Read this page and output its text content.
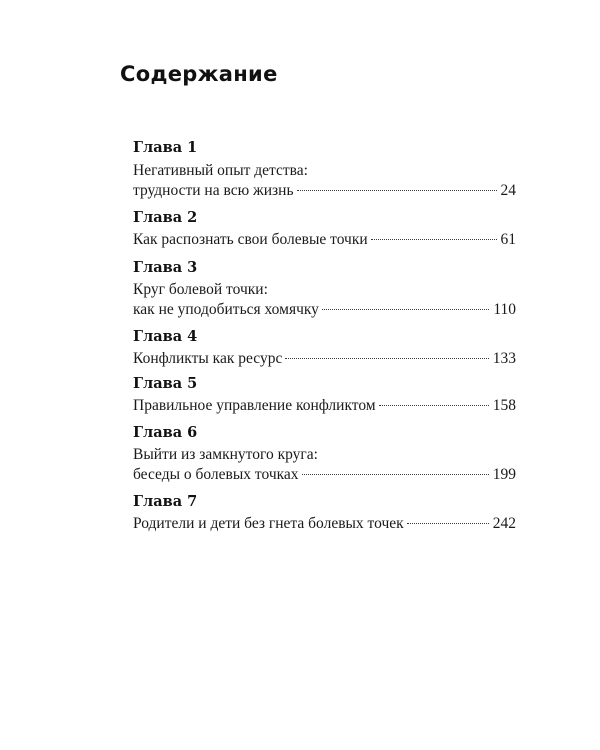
Содержание
Глава 1
Негативный опыт детства:
трудности на всю жизнь	24
Глава 2
Как распознать свои болевые точки	61
Глава 3
Круг болевой точки:
как не уподобиться хомячку	110
Глава 4
Конфликты как ресурс	133
Глава 5
Правильное управление конфликтом	158
Глава 6
Выйти из замкнутого круга:
беседы о болевых точках	199
Глава 7
Родители и дети без гнета болевых точек	242
